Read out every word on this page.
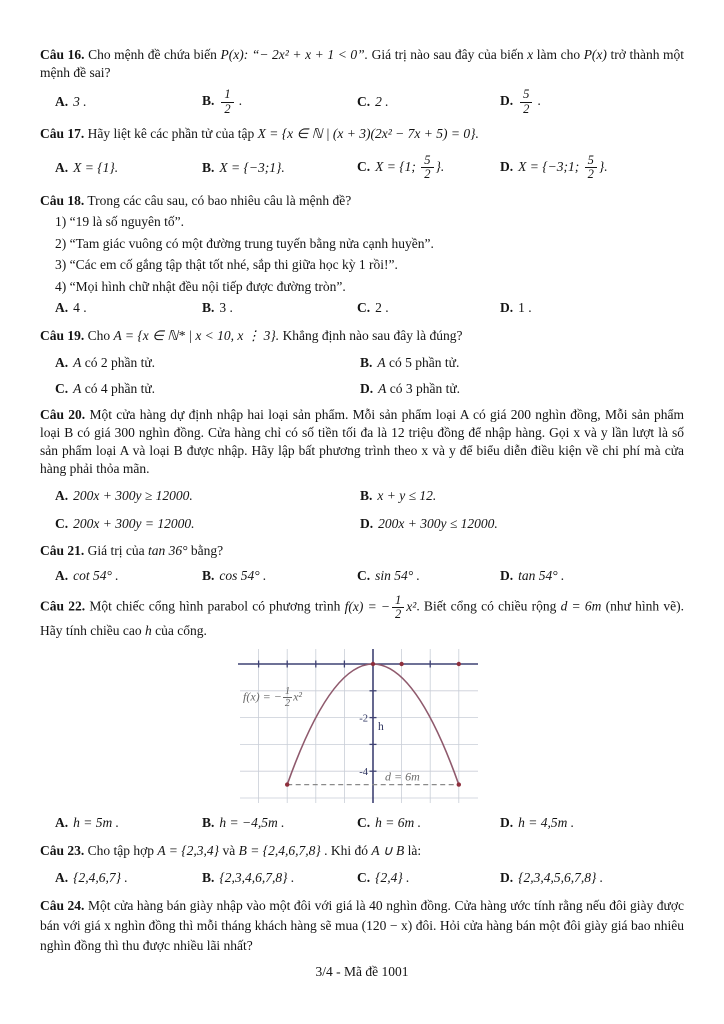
Câu 16. Cho mệnh đề chứa biến P(x): “− 2x² + x + 1 < 0”. Giá trị nào sau đây của biến x làm cho P(x) trở thành một mệnh đề sai?

A. 3 .	B. $\frac{1}{2}$ .	C. 2 .	D. $\frac{5}{2}$ .

Câu 17. Hãy liệt kê các phần tử của tập X = {x ∈ ℕ | (x + 3)(2x² − 7x + 5) = 0}.

A. X = {1}.	B. X = {−3;1}.	C. X = {1; $\frac{5}{2}$ }.	D. X = {−3;1; $\frac{5}{2}$ }.

Câu 18. Trong các câu sau, có bao nhiêu câu là mệnh đề?

1) “19 là số nguyên tố”.

2) “Tam giác vuông có một đường trung tuyến bằng nửa cạnh huyền”.

3) “Các em cố gắng tập thật tốt nhé, sắp thi giữa học kỳ 1 rồi!”.

4) “Mọi hình chữ nhật đều nội tiếp được đường tròn”.

A. 4 .	B. 3 .	C. 2 .	D. 1 .

Câu 19. Cho A = {x ∈ ℕ* | x < 10, x ⋮ 3}. Khẳng định nào sau đây là đúng?

A. A có 2 phần tử.	B. A có 5 phần tử.
C. A có 4 phần tử.	D. A có 3 phần tử.

Câu 20. Một cửa hàng dự định nhập hai loại sản phẩm. Mỗi sản phẩm loại A có giá 200 nghìn đồng, Mỗi sản phẩm loại B có giá 300 nghìn đồng. Cửa hàng chỉ có số tiền tối đa là 12 triệu đồng để nhập hàng. Gọi x và y lần lượt là số sản phẩm loại A và loại B được nhập. Hãy lập bất phương trình theo x và y để biểu diễn điều kiện về chi phí mà cửa hàng phải thỏa mãn.

A. 200x + 300y ≥ 12000.	B. x + y ≤ 12.
C. 200x + 300y = 12000.	D. 200x + 300y ≤ 12000.

Câu 21. Giá trị của tan 36° bằng?

A. cot 54° .	B. cos 54° .	C. sin 54° .	D. tan 54° .

Câu 22. Một chiếc cổng hình parabol có phương trình f(x) = − $\frac{1}{2} x^2$. Biết cổng có chiều rộng d = 6m (như hình vẽ). Hãy tính chiều cao h của cổng.

-2
-4
h
d = 6m
f(x) = − $\frac{1}{2} x^2$
A. h = 5m .	B. h = −4,5m .	C. h = 6m .	D. h = 4,5m .

Câu 23. Cho tập hợp A = {2,3,4} và B = {2,4,6,7,8} . Khi đó A ∪ B là:

A. {2,4,6,7} .	B. {2,3,4,6,7,8} .	C. {2,4} .	D. {2,3,4,5,6,7,8} .

Câu 24. Một cửa hàng bán giày nhập vào một đôi với giá là 40 nghìn đồng. Cửa hàng ước tính rằng nếu đôi giày được bán với giá x nghìn đồng thì mỗi tháng khách hàng sẽ mua (120 − x) đôi. Hỏi cửa hàng bán một đôi giày giá bao nhiêu nghìn đồng thì thu được nhiều lãi nhất?

3/4 - Mã đề 1001
